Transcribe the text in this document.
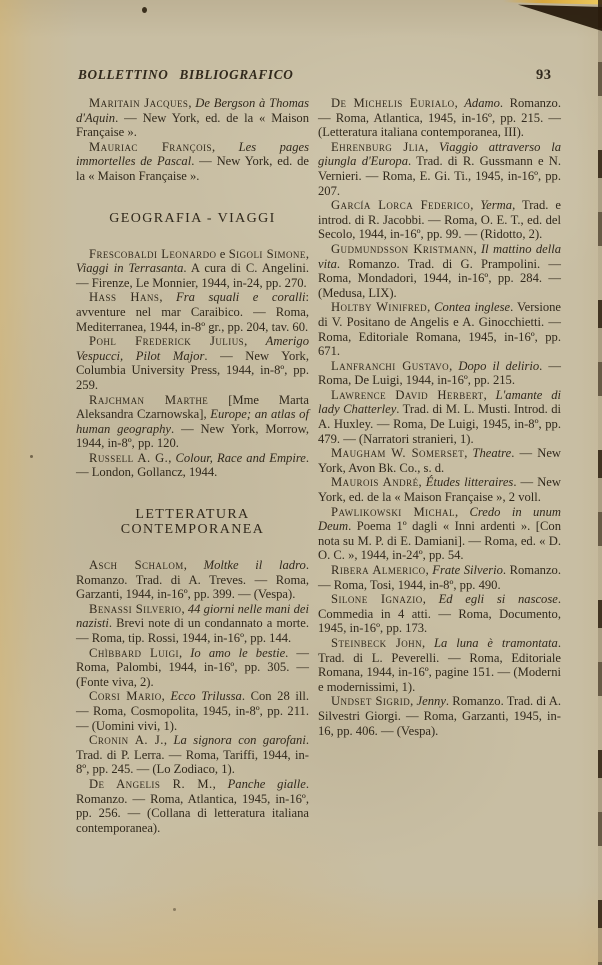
BOLLETTINO BIBLIOGRAFICO	93

Maritain Jacques, De Bergson à Thomas d'Aquin. — New York, ed. de la « Maison Française ».

Mauriac François, Les pages immortelles de Pascal. — New York, ed. de la « Maison Française ».

GEOGRAFIA - VIAGGI

Frescobaldi Leonardo e Sigoli Simone, Viaggi in Terrasanta. A cura di C. Angelini. — Firenze, Le Monnier, 1944, in-24, pp. 270.

Hass Hans, Fra squali e coralli: avventure nel mar Caraibico. — Roma, Mediterranea, 1944, in-8º gr., pp. 204, tav. 60.

Pohl Frederick Julius, Amerigo Vespucci, Pilot Major. — New York, Columbia University Press, 1944, in-8º, pp. 259.

Rajchman Marthe [Mme Marta Aleksandra Czarnowska], Europe; an atlas of human geography. — New York, Morrow, 1944, in-8º, pp. 120.

Russell A. G., Colour, Race and Empire. — London, Gollancz, 1944.

LETTERATURA CONTEMPORANEA

Asch Schalom, Moltke il ladro. Romanzo. Trad. di A. Treves. — Roma, Garzanti, 1944, in-16º, pp. 399. — (Vespa).

Benassi Silverio, 44 giorni nelle mani dei nazisti. Brevi note di un condannato a morte. — Roma, tip. Rossi, 1944, in-16º, pp. 144.

Chìbbard Luigi, Io amo le bestie. — Roma, Palombi, 1944, in-16º, pp. 305. — (Fonte viva, 2).

Corsi Mario, Ecco Trilussa. Con 28 ill. — Roma, Cosmopolita, 1945, in-8º, pp. 211. — (Uomini vivi, 1).

Cronin A. J., La signora con garofani. Trad. di P. Lerra. — Roma, Tariffi, 1944, in-8º, pp. 245. — (Lo Zodiaco, 1).

De Angelis R. M., Panche gialle. Romanzo. — Roma, Atlantica, 1945, in-16º, pp. 256. — (Collana di letteratura italiana contemporanea).

De Michelis Eurialo, Adamo. Romanzo. — Roma, Atlantica, 1945, in-16º, pp. 215. — (Letteratura italiana contemporanea, III).

Ehrenburg Jlia, Viaggio attraverso la giungla d'Europa. Trad. di R. Gussmann e N. Vernieri. — Roma, E. Gi. Ti., 1945, in-16º, pp. 207.

García Lorca Federico, Yerma, Trad. e introd. di R. Jacobbi. — Roma, O. E. T., ed. del Secolo, 1944, in-16º, pp. 99. — (Ridotto, 2).

Gudmundsson Kristmann, Il mattino della vita. Romanzo. Trad. di G. Prampolini. — Roma, Mondadori, 1944, in-16º, pp. 284. — (Medusa, LIX).

Holtby Winifred, Contea inglese. Versione di V. Positano de Angelis e A. Ginocchietti. — Roma, Editoriale Romana, 1945, in-16º, pp. 671.

Lanfranchi Gustavo, Dopo il delirio. — Roma, De Luigi, 1944, in-16º, pp. 215.

Lawrence David Herbert, L'amante di lady Chatterley. Trad. di M. L. Musti. Introd. di A. Huxley. — Roma, De Luigi, 1945, in-8º, pp. 479. — (Narratori stranieri, 1).

Maugham W. Somerset, Theatre. — New York, Avon Bk. Co., s. d.

Maurois André, Études litteraires. — New York, ed. de la « Maison Française », 2 voll.

Pawlikowski Michal, Credo in unum Deum. Poema 1º dagli « Inni ardenti ». [Con nota su M. P. di E. Damiani]. — Roma, ed. « D. O. C. », 1944, in-24º, pp. 54.

Ribera Almerico, Frate Silverio. Romanzo. — Roma, Tosi, 1944, in-8º, pp. 490.

Silone Ignazio, Ed egli si nascose. Commedia in 4 atti. — Roma, Documento, 1945, in-16º, pp. 173.

Steinbeck John, La luna è tramontata. Trad. di L. Peverelli. — Roma, Editoriale Romana, 1944, in-16º, pagine 151. — (Moderni e modernissimi, 1).

Undset Sigrid, Jenny. Romanzo. Trad. di A. Silvestri Giorgi. — Roma, Garzanti, 1945, in-16, pp. 406. — (Vespa).
